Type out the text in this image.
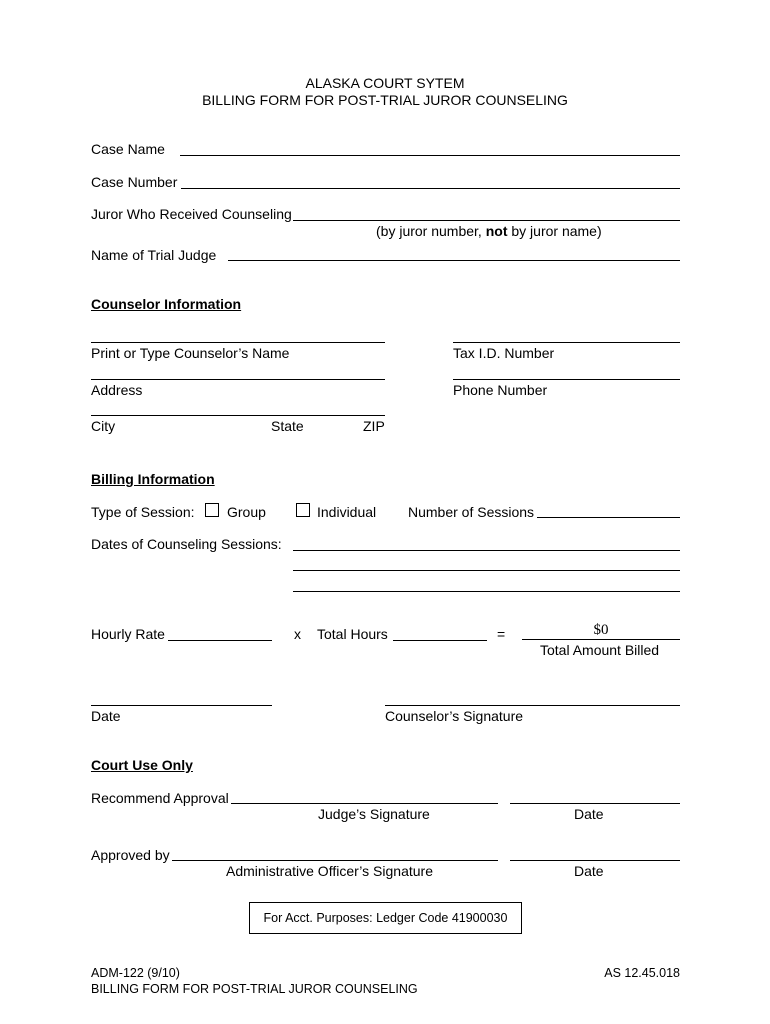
ALASKA COURT SYTEM
BILLING FORM FOR POST-TRIAL JUROR COUNSELING
Case Name
Case Number
Juror Who Received Counseling
(by juror number, not by juror name)
Name of Trial Judge
Counselor Information
Print or Type Counselor’s Name	Tax I.D. Number
Address	Phone Number
City	State	ZIP
Billing Information
Type of Session: Group	Individual Number of Sessions
Dates of Counseling Sessions:
Hourly Rate	x Total Hours	=	$0
Total Amount Billed
Date	Counselor’s Signature
Court Use Only
Recommend Approval
Judge’s Signature	Date
Approved by
Administrative Officer’s Signature	Date
For Acct. Purposes: Ledger Code 41900030
ADM-122 (9/10)
BILLING FORM FOR POST-TRIAL JUROR COUNSELING
AS 12.45.018
